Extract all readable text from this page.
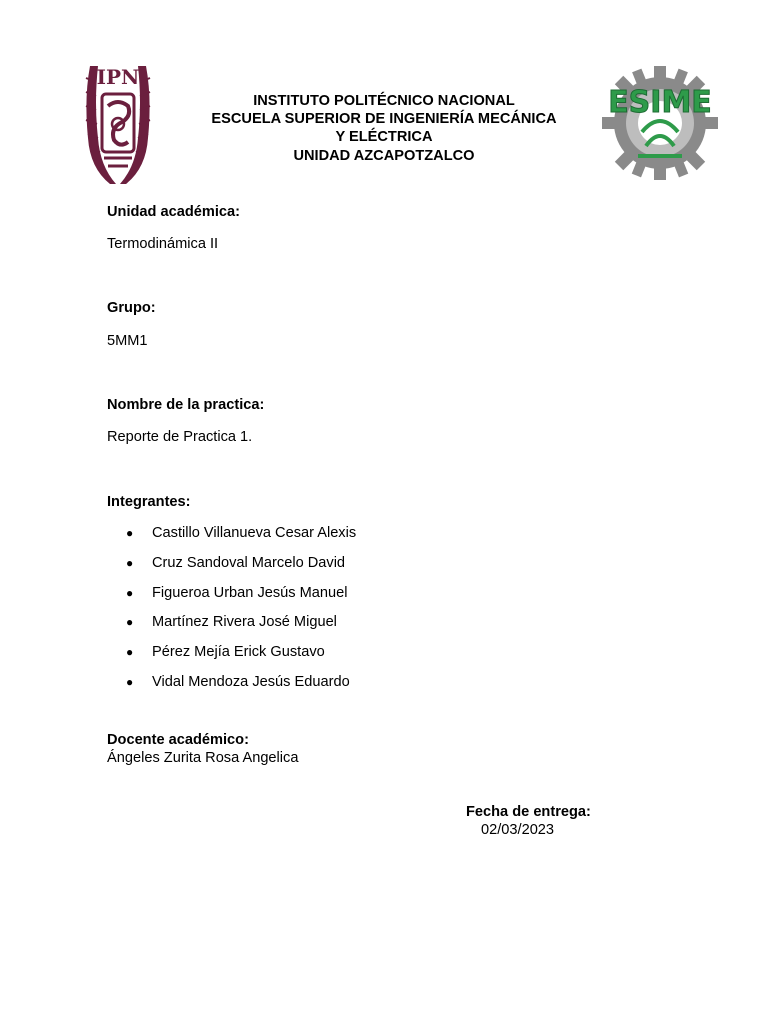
IPN
INSTITUTO POLITÉCNICO NACIONAL
ESCUELA SUPERIOR DE INGENIERÍA MECÁNICA
Y ELÉCTRICA
UNIDAD AZCAPOTZALCO
ESIME
Unidad académica:
Termodinámica II
Grupo:
5MM1
Nombre de la practica:
Reporte de Practica 1.
Integrantes:
● Castillo Villanueva Cesar Alexis
● Cruz Sandoval Marcelo David
● Figueroa Urban Jesús Manuel
● Martínez Rivera José Miguel
● Pérez Mejía Erick Gustavo
● Vidal Mendoza Jesús Eduardo
Docente académico:
Ángeles Zurita Rosa Angelica
Fecha de entrega:
02/03/2023
